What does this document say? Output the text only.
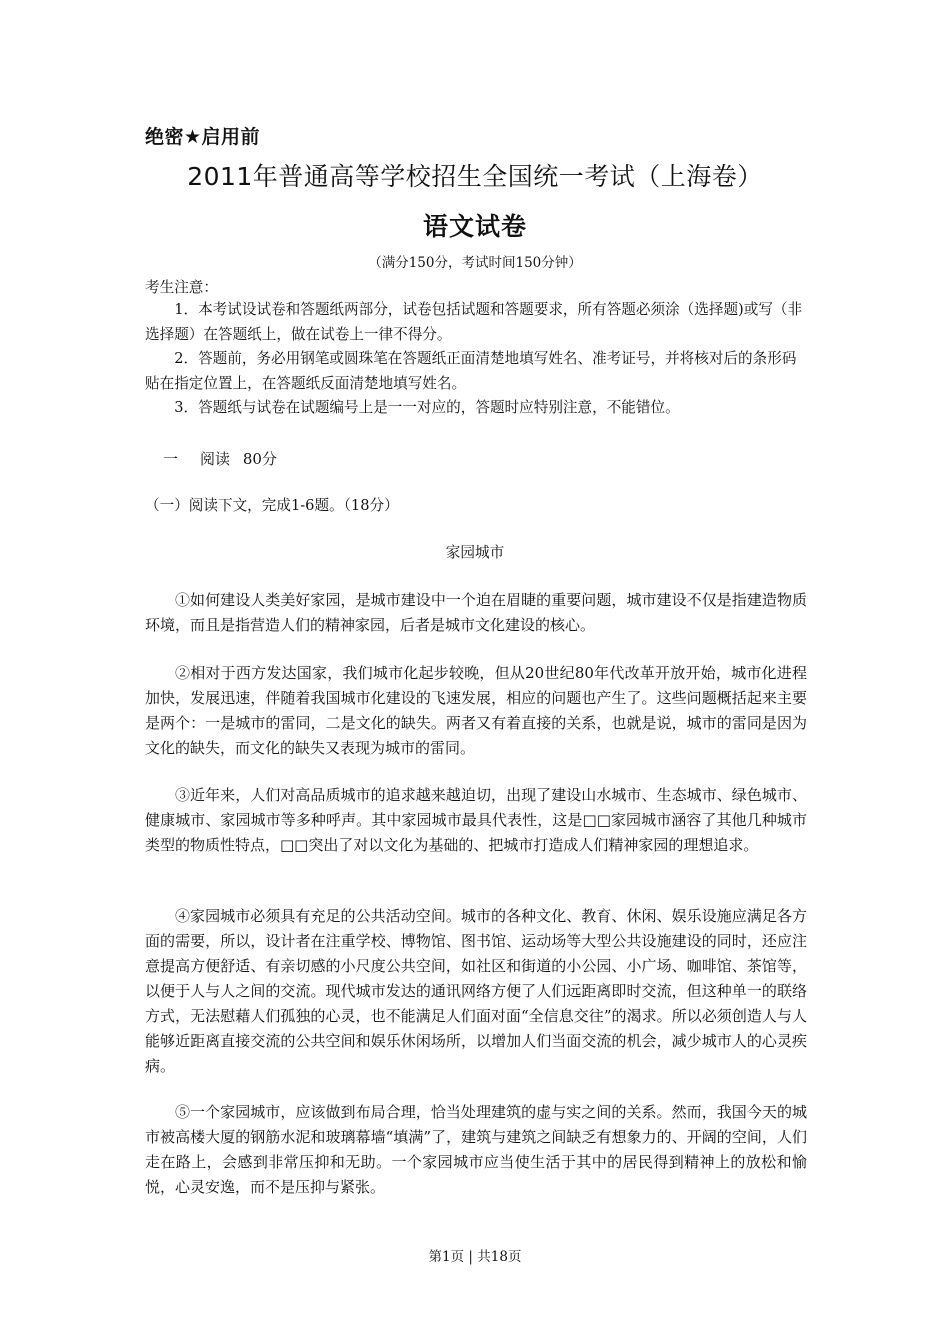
绝密★启用前
2011年普通高等学校招生全国统一考试（上海卷）
语文试卷
（满分150分，考试时间150分钟）
考生注意：

1．本考试设试卷和答题纸两部分，试卷包括试题和答题要求，所有答题必须涂（选择题)或写（非选择题）在答题纸上，做在试卷上一律不得分。

2．答题前，务必用钢笔或圆珠笔在答题纸正面清楚地填写姓名、准考证号，并将核对后的条形码贴在指定位置上，在答题纸反面清楚地填写姓名。

3．答题纸与试卷在试题编号上是一一对应的，答题时应特别注意，不能错位。

一 阅读 80分
（一）阅读下文，完成1-6题。（18分）
家园城市

①如何建设人类美好家园，是城市建设中一个迫在眉睫的重要问题，城市建设不仅是指建造物质环境，而且是指营造人们的精神家园，后者是城市文化建设的核心。

②相对于西方发达国家，我们城市化起步较晚，但从20世纪80年代改革开放开始，城市化进程加快，发展迅速，伴随着我国城市化建设的飞速发展，相应的问题也产生了。这些问题概括起来主要是两个：一是城市的雷同，二是文化的缺失。两者又有着直接的关系，也就是说，城市的雷同是因为文化的缺失，而文化的缺失又表现为城市的雷同。

③近年来，人们对高品质城市的追求越来越迫切，出现了建设山水城市、生态城市、绿色城市、健康城市、家园城市等多种呼声。其中家园城市最具代表性，这是□□家园城市涵容了其他几种城市类型的物质性特点，□□突出了对以文化为基础的、把城市打造成人们精神家园的理想追求。

④家园城市必须具有充足的公共活动空间。城市的各种文化、教育、休闲、娱乐设施应满足各方面的需要，所以，设计者在注重学校、博物馆、图书馆、运动场等大型公共设施建设的同时，还应注意提高方便舒适、有亲切感的小尺度公共空间，如社区和街道的小公园、小广场、咖啡馆、茶馆等，以便于人与人之间的交流。现代城市发达的通讯网络方便了人们远距离即时交流，但这种单一的联络方式，无法慰藉人们孤独的心灵，也不能满足人们面对面“全信息交往”的渴求。所以必须创造人与人能够近距离直接交流的公共空间和娱乐休闲场所，以增加人们当面交流的机会，减少城市人的心灵疾病。

⑤一个家园城市，应该做到布局合理，恰当处理建筑的虚与实之间的关系。然而，我国今天的城市被高楼大厦的钢筋水泥和玻璃幕墙“填满”了，建筑与建筑之间缺乏有想象力的、开阔的空间，人们走在路上，会感到非常压抑和无助。一个家园城市应当使生活于其中的居民得到精神上的放松和愉悦，心灵安逸，而不是压抑与紧张。

第1页 | 共18页
